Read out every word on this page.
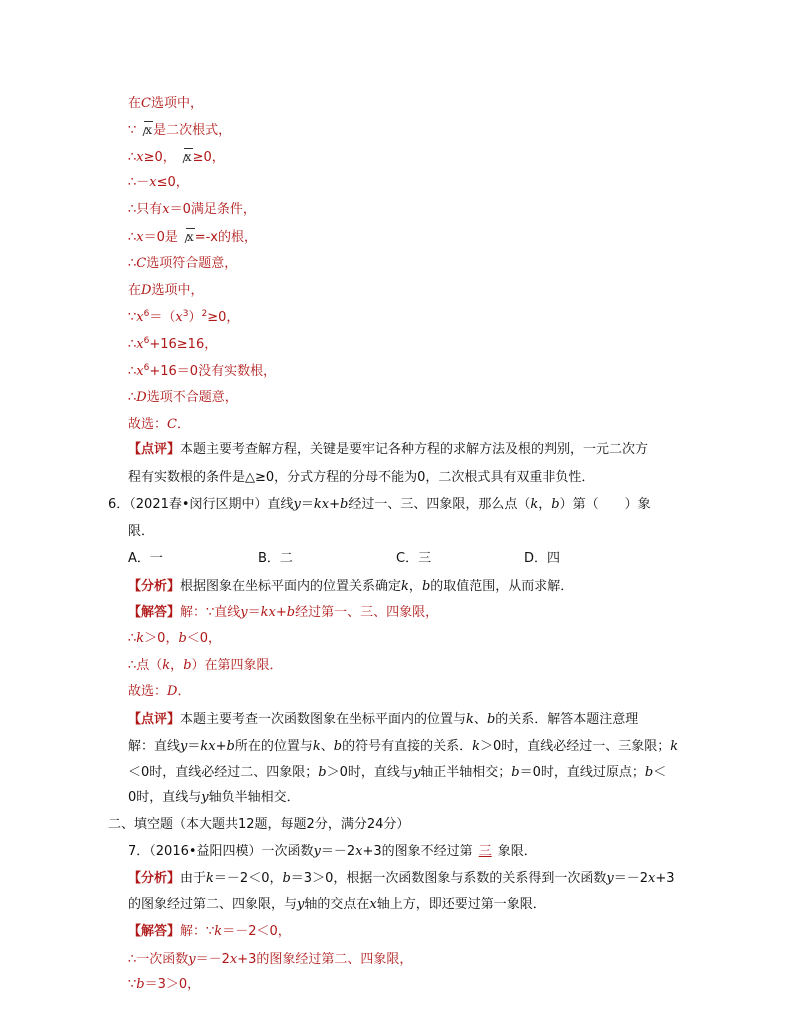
在C选项中，
∵ x是二次根式，
∴x≥0， x≥0，
∴－x≤0，
∴只有x＝0满足条件，
∴x＝0是 x=-x的根，
∴C选项符合题意，
在D选项中，
$\because x^6=(x^3)^2\ge 0$，
$\therefore x^6+16\ge 16$，
$\therefore x^6+16=0$没有实数根，
∴D选项不合题意，
故选：C．
【点评】本题主要考查解方程，关键是要牢记各种方程的求解方法及根的判别，一元二次方
程有实数根的条件是△≥0，分式方程的分母不能为0，二次根式具有双重非负性．
6．（2021春•闵行区期中）直线y＝kx+b经过一、三、四象限，那么点（k，b）第（　　）象
限．
【分析】根据图象在坐标平面内的位置关系确定k，b的取值范围，从而求解．
【解答】解：∵直线y＝kx+b经过第一、三、四象限，
∴k＞0，b＜0，
∴点（k，b）在第四象限．
故选：D．
【点评】本题主要考查一次函数图象在坐标平面内的位置与k、b的关系．解答本题注意理
解：直线y＝kx+b所在的位置与k、b的符号有直接的关系．k＞0时，直线必经过一、三象限；k
＜0时，直线必经过二、四象限；b＞0时，直线与y轴正半轴相交；b＝0时，直线过原点；b＜
0时，直线与y轴负半轴相交．
二、填空题（本大题共12题，每题2分，满分24分）
7．（2016•益阳四模）一次函数y＝－2x+3的图象不经过第 三 象限．
【分析】由于k＝－2＜0，b＝3＞0，根据一次函数图象与系数的关系得到一次函数y＝－2x+3
的图象经过第二、四象限，与y轴的交点在x轴上方，即还要过第一象限．
【解答】解：∵k＝－2＜0，
∴一次函数y＝－2x+3的图象经过第二、四象限，
∵b＝3＞0，
A．一	B．二	C．三	D．四
